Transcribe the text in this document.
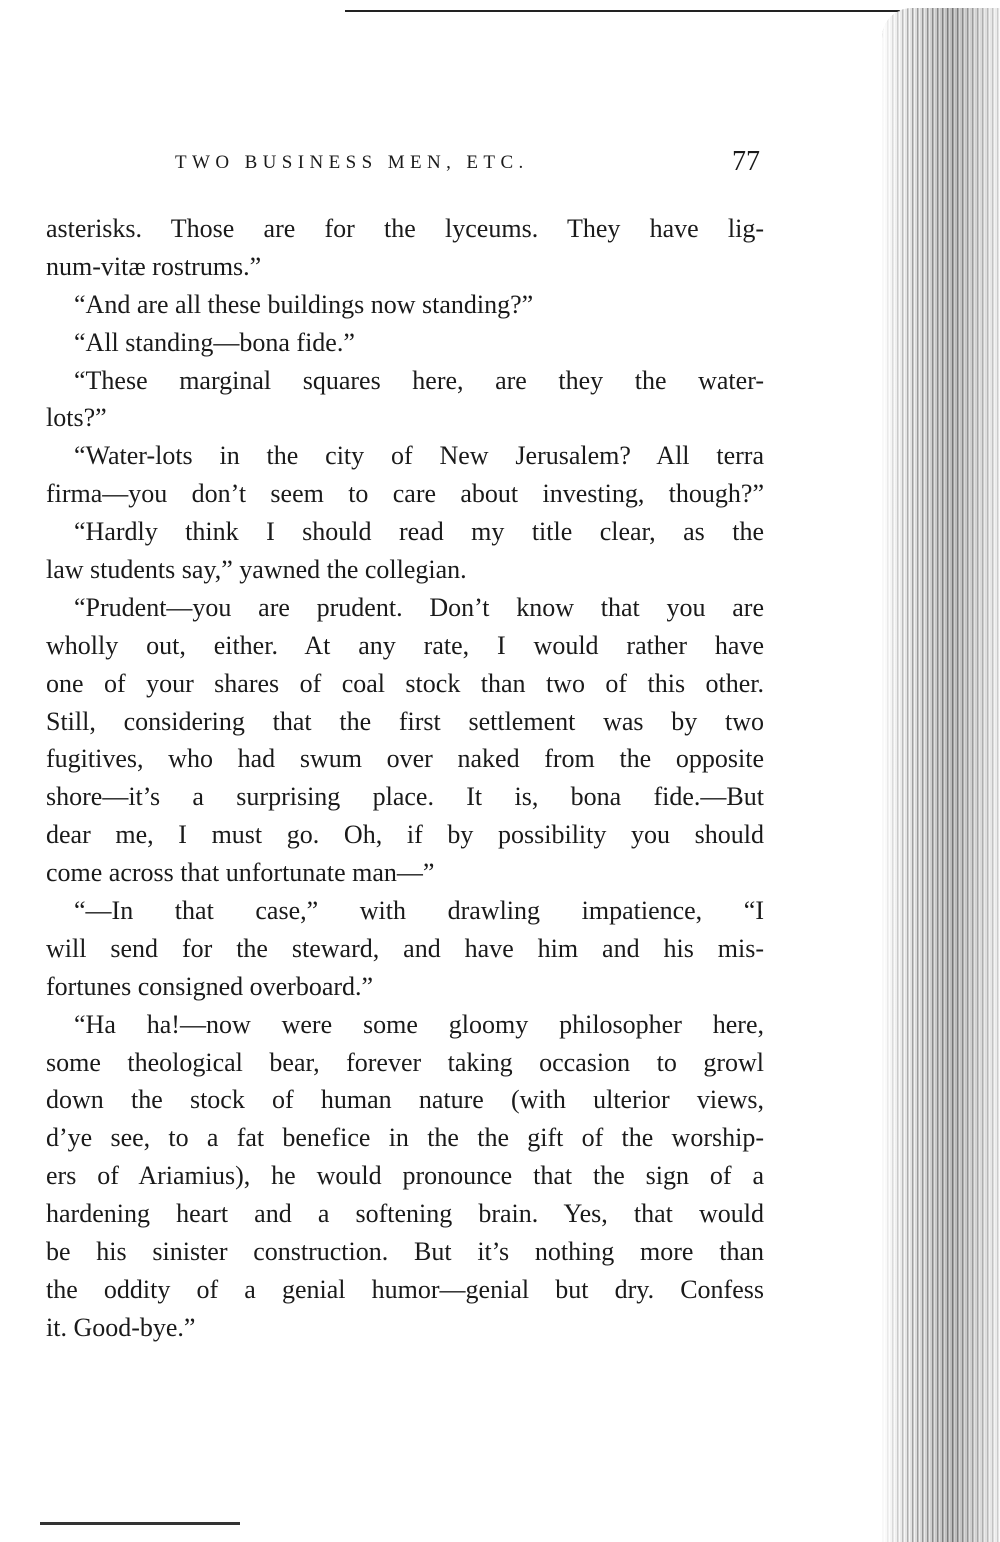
TWO BUSINESS MEN, ETC.	77
asterisks. Those are for the lyceums. They have lig-
num-vitæ rostrums.”
“And are all these buildings now standing?”
“All standing—bona fide.”
“These marginal squares here, are they the water-
lots?”
“Water-lots in the city of New Jerusalem? All terra
firma—you don’t seem to care about investing, though?”
“Hardly think I should read my title clear, as the
law students say,” yawned the collegian.
“Prudent—you are prudent. Don’t know that you are
wholly out, either. At any rate, I would rather have
one of your shares of coal stock than two of this other.
Still, considering that the first settlement was by two
fugitives, who had swum over naked from the opposite
shore—it’s a surprising place. It is, bona fide.—But
dear me, I must go. Oh, if by possibility you should
come across that unfortunate man—”
“—In that case,” with drawling impatience, “I
will send for the steward, and have him and his mis-
fortunes consigned overboard.”
“Ha ha!—now were some gloomy philosopher here,
some theological bear, forever taking occasion to growl
down the stock of human nature (with ulterior views,
d’ye see, to a fat benefice in the the gift of the worship-
ers of Ariamius), he would pronounce that the sign of a
hardening heart and a softening brain. Yes, that would
be his sinister construction. But it’s nothing more than
the oddity of a genial humor—genial but dry. Confess
it. Good-bye.”
